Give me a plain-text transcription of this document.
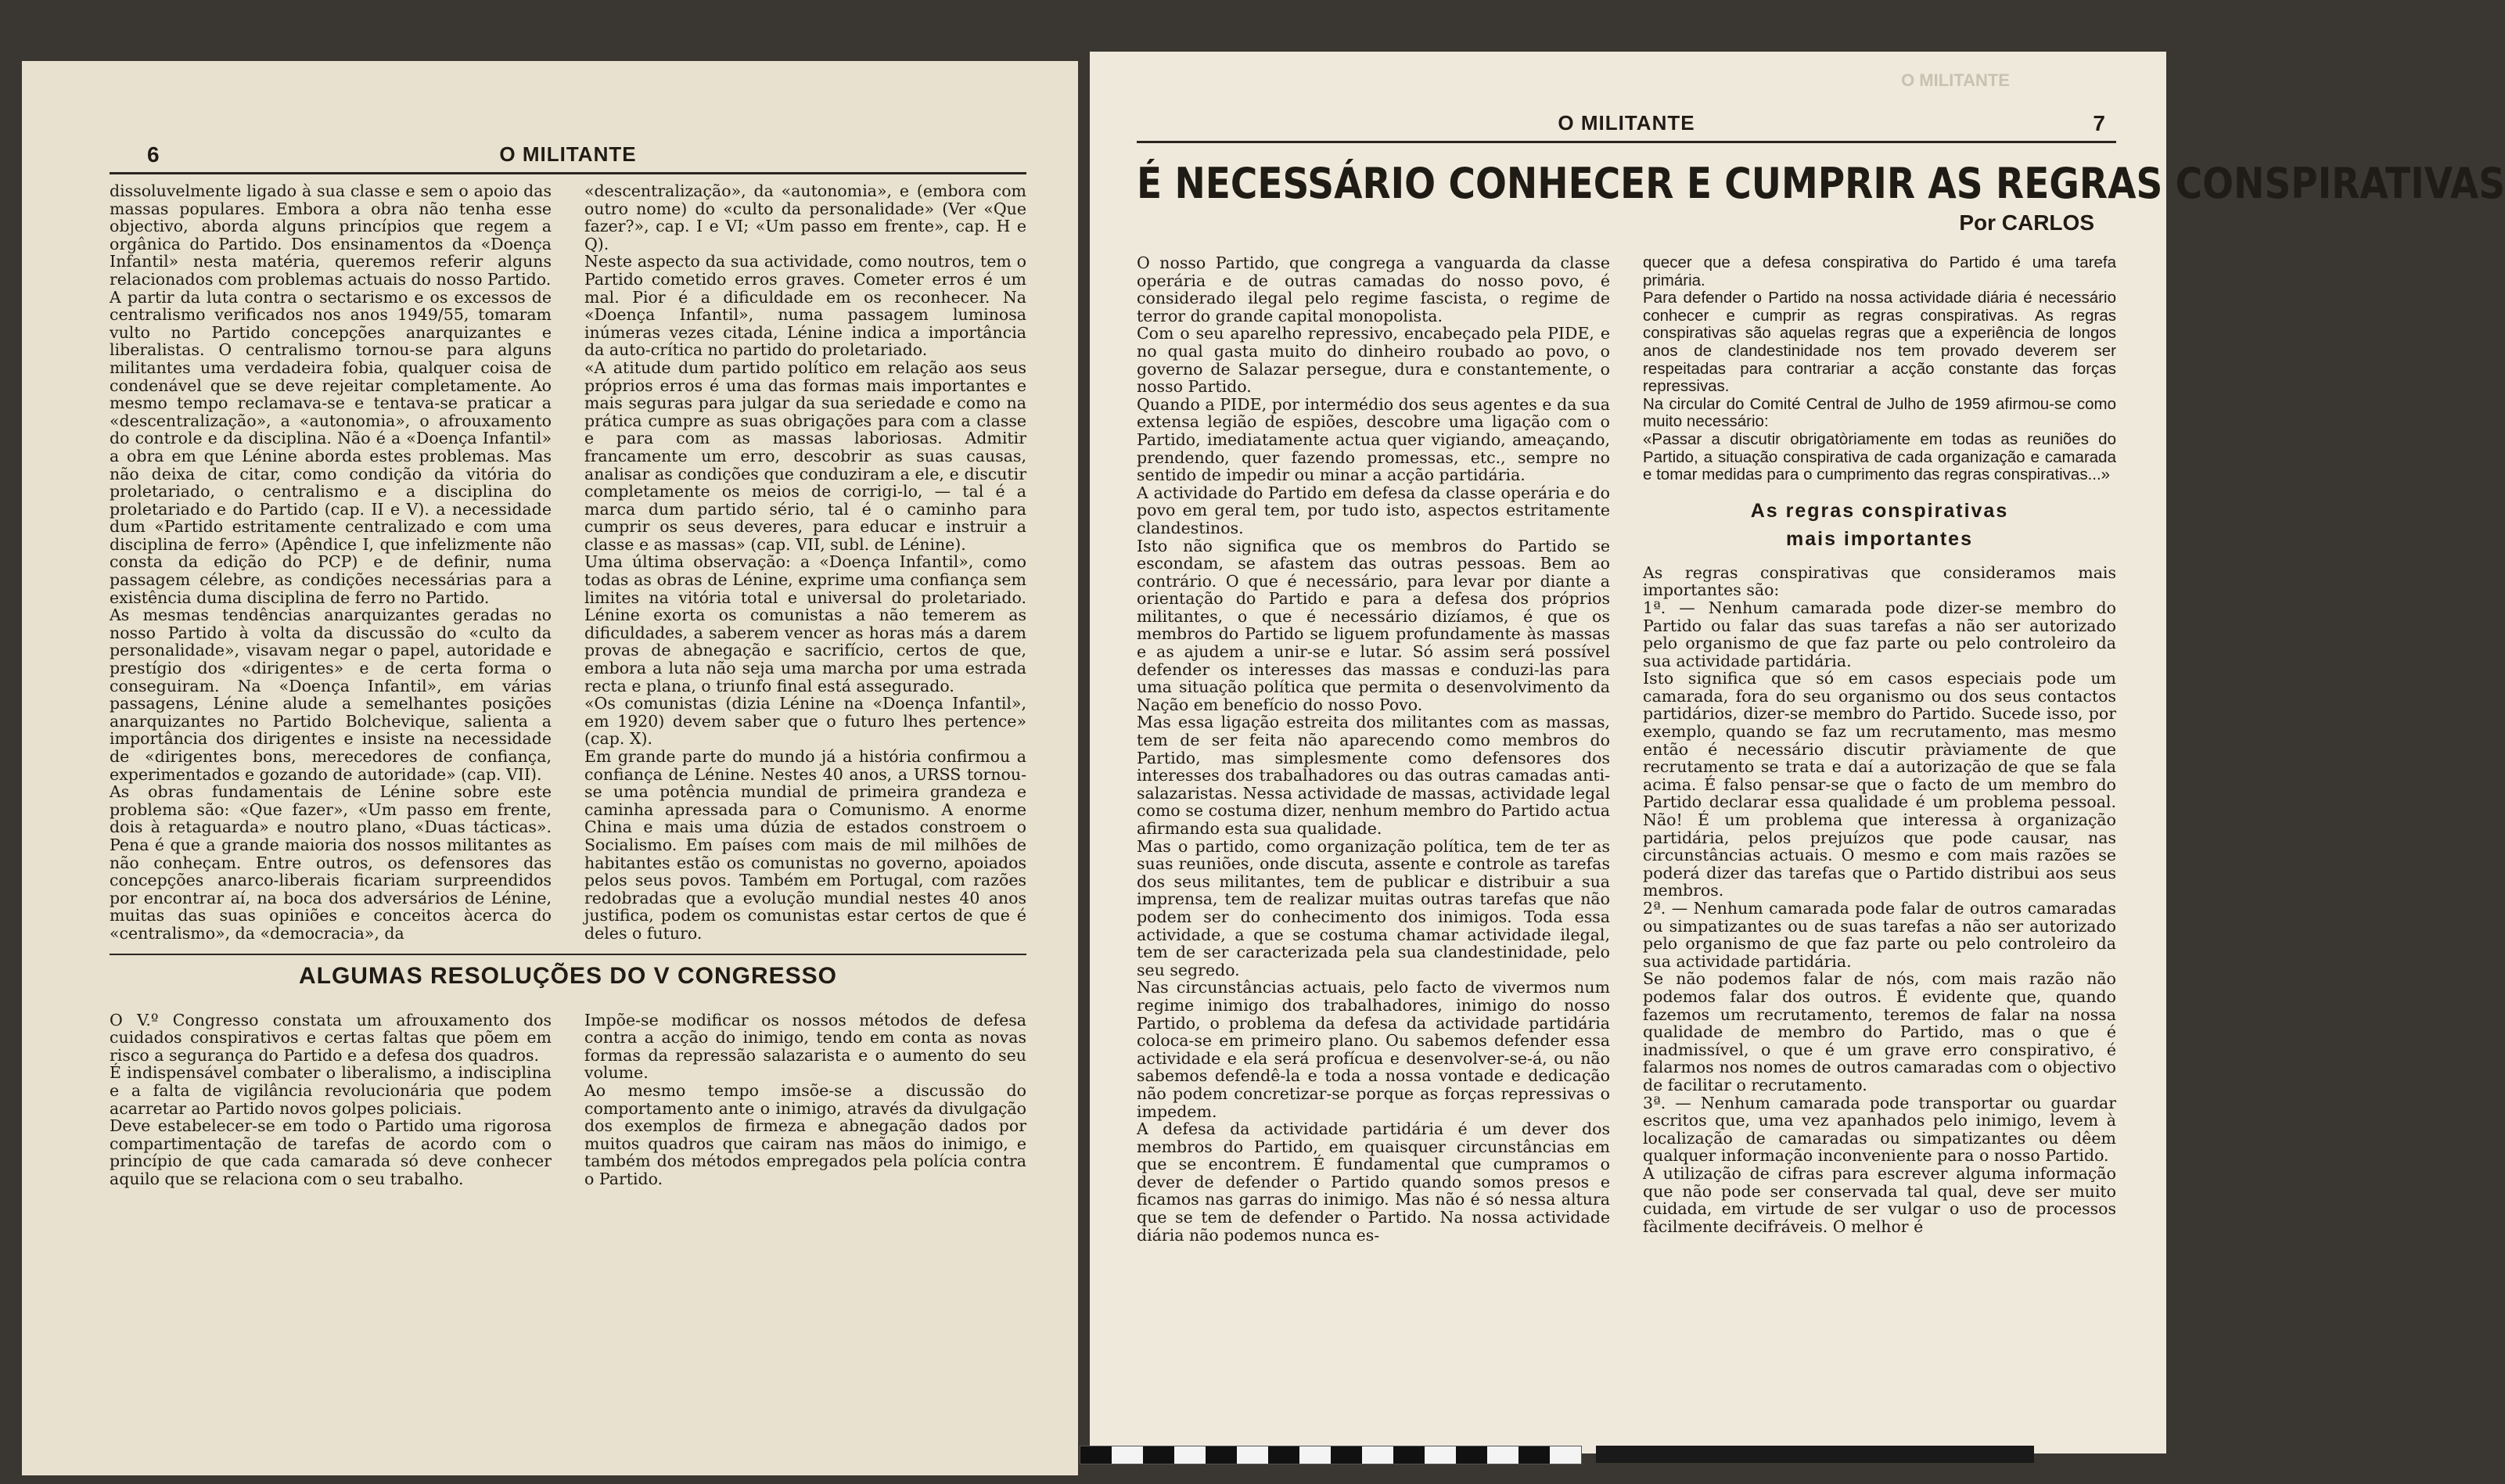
6	O MILITANTE

dissoluvelmente ligado à sua classe e sem o apoio das massas populares. Embora a obra não tenha esse objectivo, aborda alguns princípios que regem a orgânica do Partido. Dos ensinamentos da «Doença Infantil» nesta matéria, queremos referir alguns relacionados com problemas actuais do nosso Partido.
A partir da luta contra o sectarismo e os excessos de centralismo verificados nos anos 1949/55, tomaram vulto no Partido concepções anarquizantes e liberalistas. O centralismo tornou-se para alguns militantes uma verdadeira fobia, qualquer coisa de condenável que se deve rejeitar completamente. Ao mesmo tempo reclamava-se e tentava-se praticar a «descentralização», a «autonomia», o afrouxamento do controle e da disciplina. Não é a «Doença Infantil» a obra em que Lénine aborda estes problemas. Mas não deixa de citar, como condição da vitória do proletariado, o centralismo e a disciplina do proletariado e do Partido (cap. II e V). a necessidade dum «Partido estritamente centralizado e com uma disciplina de ferro» (Apêndice I, que infelizmente não consta da edição do PCP) e de definir, numa passagem célebre, as condições necessárias para a existência duma disciplina de ferro no Partido.
As mesmas tendências anarquizantes geradas no nosso Partido à volta da discussão do «culto da personalidade», visavam negar o papel, autoridade e prestígio dos «dirigentes» e de certa forma o conseguiram. Na «Doença Infantil», em várias passagens, Lénine alude a semelhantes posições anarquizantes no Partido Bolchevique, salienta a importância dos dirigentes e insiste na necessidade de «dirigentes bons, merecedores de confiança, experimentados e gozando de autoridade» (cap. VII).
As obras fundamentais de Lénine sobre este problema são: «Que fazer», «Um passo em frente, dois à retaguarda» e noutro plano, «Duas tácticas». Pena é que a grande maioria dos nossos militantes as não conheçam. Entre outros, os defensores das concepções anarco-liberais ficariam surpreendidos por encontrar aí, na boca dos adversários de Lénine, muitas das suas opiniões e conceitos àcerca do «centralismo», da «democracia», da

«descentralização», da «autonomia», e (embora com outro nome) do «culto da personalidade» (Ver «Que fazer?», cap. I e VI; «Um passo em frente», cap. H e Q).
Neste aspecto da sua actividade, como noutros, tem o Partido cometido erros graves. Cometer erros é um mal. Pior é a dificuldade em os reconhecer. Na «Doença Infantil», numa passagem luminosa inúmeras vezes citada, Lénine indica a importância da auto-crítica no partido do proletariado.
«A atitude dum partido político em relação aos seus próprios erros é uma das formas mais importantes e mais seguras para julgar da sua seriedade e como na prática cumpre as suas obrigações para com a classe e para com as massas laboriosas. Admitir francamente um erro, descobrir as suas causas, analisar as condições que conduziram a ele, e discutir completamente os meios de corrigi-lo, — tal é a marca dum partido sério, tal é o caminho para cumprir os seus deveres, para educar e instruir a classe e as massas» (cap. VII, subl. de Lénine).
Uma última observação: a «Doença Infantil», como todas as obras de Lénine, exprime uma confiança sem limites na vitória total e universal do proletariado. Lénine exorta os comunistas a não temerem as dificuldades, a saberem vencer as horas más a darem provas de abnegação e sacrifício, certos de que, embora a luta não seja uma marcha por uma estrada recta e plana, o triunfo final está assegurado.
«Os comunistas (dizia Lénine na «Doença Infantil», em 1920) devem saber que o futuro lhes pertence» (cap. X).
Em grande parte do mundo já a história confirmou a confiança de Lénine. Nestes 40 anos, a URSS tornou-se uma potência mundial de primeira grandeza e caminha apressada para o Comunismo. A enorme China e mais uma dúzia de estados constroem o Socialismo. Em países com mais de mil milhões de habitantes estão os comunistas no governo, apoiados pelos seus povos. Também em Portugal, com razões redobradas que a evolução mundial nestes 40 anos justifica, podem os comunistas estar certos de que é deles o futuro.

ALGUMAS RESOLUÇÕES DO V CONGRESSO

O V.º Congresso constata um afrouxamento dos cuidados conspirativos e certas faltas que põem em risco a segurança do Partido e a defesa dos quadros.
É indispensável combater o liberalismo, a indisciplina e a falta de vigilância revolucionária que podem acarretar ao Partido novos golpes policiais.
Deve estabelecer-se em todo o Partido uma rigorosa compartimentação de tarefas de acordo com o princípio de que cada camarada só deve conhecer aquilo que se relaciona com o seu trabalho.

Impõe-se modificar os nossos métodos de defesa contra a acção do inimigo, tendo em conta as novas formas da repressão salazarista e o aumento do seu volume.
Ao mesmo tempo imsõe-se a discussão do comportamento ante o inimigo, através da divulgação dos exemplos de firmeza e abnegação dados por muitos quadros que cairam nas mãos do inimigo, e também dos métodos empregados pela polícia contra o Partido.

O MILITANTE
O MILITANTE	7
É NECESSÁRIO CONHECER E CUMPRIR AS REGRAS CONSPIRATIVAS
Por CARLOS

O nosso Partido, que congrega a vanguarda da classe operária e de outras camadas do nosso povo, é considerado ilegal pelo regime fascista, o regime de terror do grande capital monopolista.
Com o seu aparelho repressivo, encabeçado pela PIDE, e no qual gasta muito do dinheiro roubado ao povo, o governo de Salazar persegue, dura e constantemente, o nosso Partido.
Quando a PIDE, por intermédio dos seus agentes e da sua extensa legião de espiões, descobre uma ligação com o Partido, imediatamente actua quer vigiando, ameaçando, prendendo, quer fazendo promessas, etc., sempre no sentido de impedir ou minar a acção partidária.
A actividade do Partido em defesa da classe operária e do povo em geral tem, por tudo isto, aspectos estritamente clandestinos.
Isto não significa que os membros do Partido se escondam, se afastem das outras pessoas. Bem ao contrário. O que é necessário, para levar por diante a orientação do Partido e para a defesa dos próprios militantes, o que é necessário dizíamos, é que os membros do Partido se liguem profundamente às massas e as ajudem a unir-se e lutar. Só assim será possível defender os interesses das massas e conduzi-las para uma situação política que permita o desenvolvimento da Nação em benefício do nosso Povo.
Mas essa ligação estreita dos militantes com as massas, tem de ser feita não aparecendo como membros do Partido, mas simplesmente como defensores dos interesses dos trabalhadores ou das outras camadas anti-salazaristas. Nessa actividade de massas, actividade legal como se costuma dizer, nenhum membro do Partido actua afirmando esta sua qualidade.
Mas o partido, como organização política, tem de ter as suas reuniões, onde discuta, assente e controle as tarefas dos seus militantes, tem de publicar e distribuir a sua imprensa, tem de realizar muitas outras tarefas que não podem ser do conhecimento dos inimigos. Toda essa actividade, a que se costuma chamar actividade ilegal, tem de ser caracterizada pela sua clandestinidade, pelo seu segredo.
Nas circunstâncias actuais, pelo facto de vivermos num regime inimigo dos trabalhadores, inimigo do nosso Partido, o problema da defesa da actividade partidária coloca-se em primeiro plano. Ou sabemos defender essa actividade e ela será profícua e desenvolver-se-á, ou não sabemos defendê-la e toda a nossa vontade e dedicação não podem concretizar-se porque as forças repressivas o impedem.
A defesa da actividade partidária é um dever dos membros do Partido, em quaisquer circunstâncias em que se encontrem. É fundamental que cumpramos o dever de defender o Partido quando somos presos e ficamos nas garras do inimigo. Mas não é só nessa altura que se tem de defender o Partido. Na nossa actividade diária não podemos nunca es-

quecer que a defesa conspirativa do Partido é uma tarefa primária.
Para defender o Partido na nossa actividade diária é necessário conhecer e cumprir as regras conspirativas. As regras conspirativas são aquelas regras que a experiência de longos anos de clandestinidade nos tem provado deverem ser respeitadas para contrariar a acção constante das forças repressivas.
Na circular do Comité Central de Julho de 1959 afirmou-se como muito necessário:
«Passar a discutir obrigatòriamente em todas as reuniões do Partido, a situação conspirativa de cada organização e camarada e tomar medidas para o cumprimento das regras conspirativas...»

As regras conspirativas
mais importantes

As regras conspirativas que consideramos mais importantes são:
1ª. — Nenhum camarada pode dizer-se membro do Partido ou falar das suas tarefas a não ser autorizado pelo organismo de que faz parte ou pelo controleiro da sua actividade partidária.
Isto significa que só em casos especiais pode um camarada, fora do seu organismo ou dos seus contactos partidários, dizer-se membro do Partido. Sucede isso, por exemplo, quando se faz um recrutamento, mas mesmo então é necessário discutir pràviamente de que recrutamento se trata e daí a autorização de que se fala acima. É falso pensar-se que o facto de um membro do Partido declarar essa qualidade é um problema pessoal. Não! É um problema que interessa à organização partidária, pelos prejuízos que pode causar, nas circunstâncias actuais. O mesmo e com mais razões se poderá dizer das tarefas que o Partido distribui aos seus membros.
2ª. — Nenhum camarada pode falar de outros camaradas ou simpatizantes ou de suas tarefas a não ser autorizado pelo organismo de que faz parte ou pelo controleiro da sua actividade partidária.
Se não podemos falar de nós, com mais razão não podemos falar dos outros. É evidente que, quando fazemos um recrutamento, teremos de falar na nossa qualidade de membro do Partido, mas o que é inadmissível, o que é um grave erro conspirativo, é falarmos nos nomes de outros camaradas com o objectivo de facilitar o recrutamento.
3ª. — Nenhum camarada pode transportar ou guardar escritos que, uma vez apanhados pelo inimigo, levem à localização de camaradas ou simpatizantes ou dêem qualquer informação inconveniente para o nosso Partido.
A utilização de cifras para escrever alguma informação que não pode ser conservada tal qual, deve ser muito cuidada, em virtude de ser vulgar o uso de processos fàcilmente decifráveis. O melhor é
